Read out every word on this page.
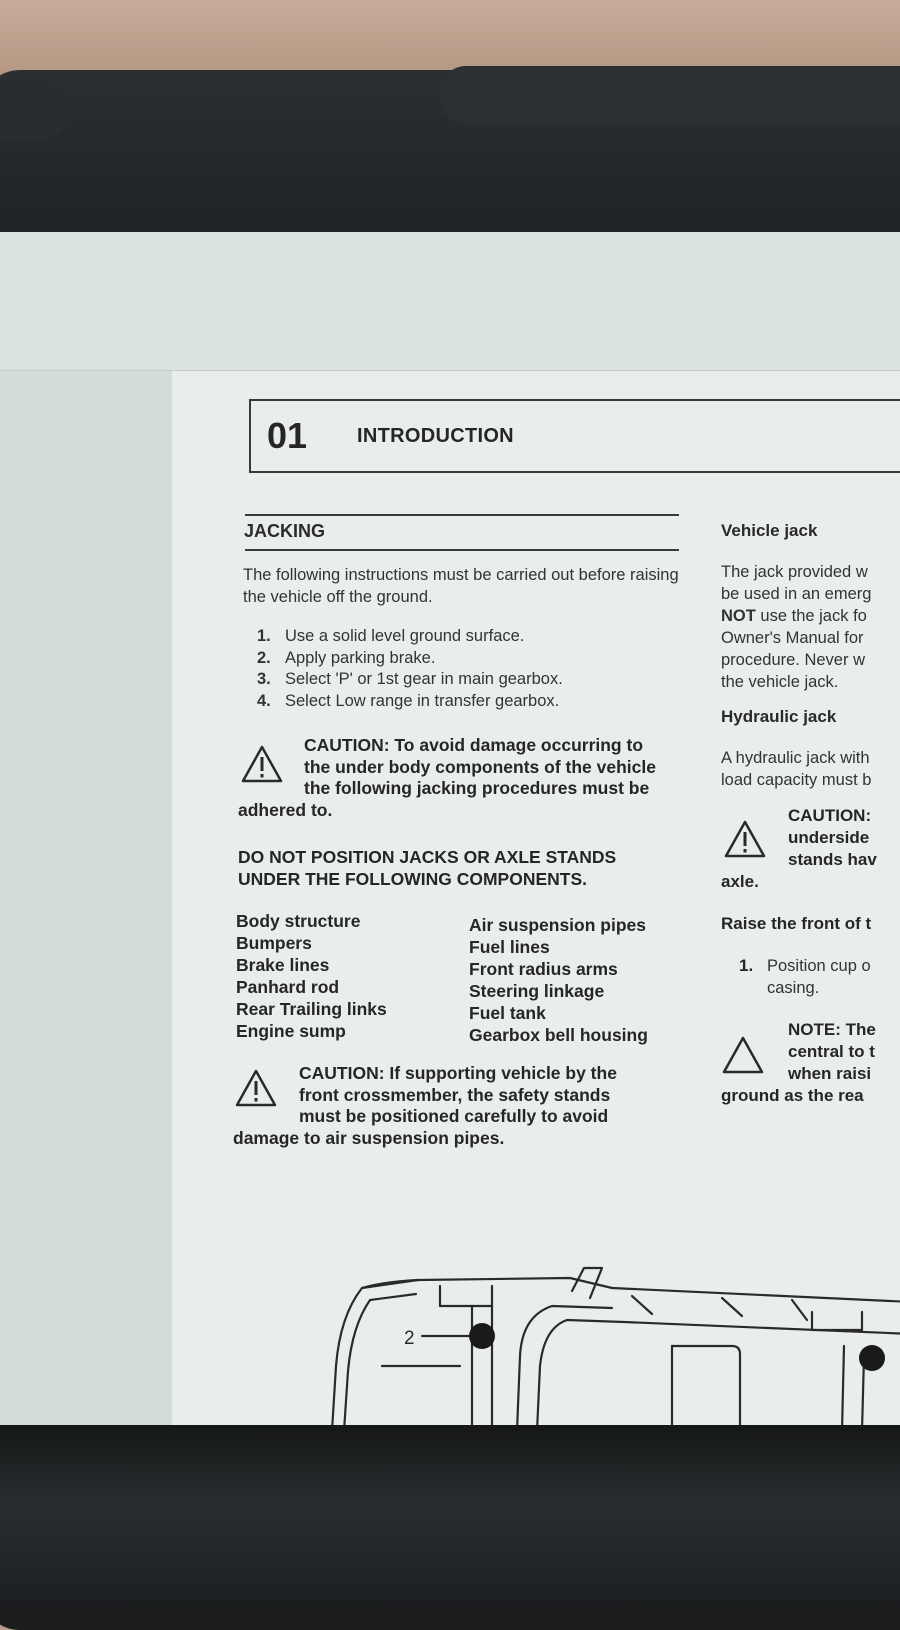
01 INTRODUCTION
JACKING
The following instructions must be carried out before raising the vehicle off the ground.
1. Use a solid level ground surface.
2. Apply parking brake.
3. Select 'P' or 1st gear in main gearbox.
4. Select Low range in transfer gearbox.
CAUTION: To avoid damage occurring to
the under body components of the vehicle
the following jacking procedures must be
adhered to.
DO NOT POSITION JACKS OR AXLE STANDS
UNDER THE FOLLOWING COMPONENTS.
Body structure
Bumpers
Brake lines
Panhard rod
Rear Trailing links
Engine sump
Air suspension pipes
Fuel lines
Front radius arms
Steering linkage
Fuel tank
Gearbox bell housing
CAUTION: If supporting vehicle by the
front crossmember, the safety stands
must be positioned carefully to avoid
damage to air suspension pipes.
Vehicle jack
The jack provided w
be used in an emerg
NOT use the jack fo
Owner's Manual for
procedure. Never w
the vehicle jack.
Hydraulic jack
A hydraulic jack with
load capacity must b
CAUTION:
underside
stands hav
axle.
Raise the front of t
1. Position cup o
casing.
NOTE: The
central to t
when raisi
ground as the rea
2
